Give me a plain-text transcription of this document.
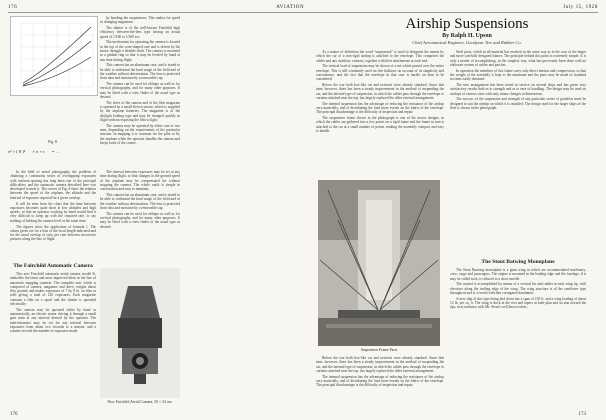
176	AVIATION	July 15, 1928

by bending the suspensions. This makes for speed in changing magazines.

The shutter is of the well-known Fairchild high efficiency between-the-lens type having an actual speed of 1/100 to 1/300 sec.

The mechanism for operating the camera is located in the top of the cone-shaped case and is driven by the motor through a flexible shaft. The camera is mounted in a gimbal ring so that it may be leveled by hand at any time during flight.

This camera has an aluminum case, and is stated to be able to withstand the hard usage of the field and of the weather without deterioration. The lens is protected from dust and moisture by a removable cap.

The camera can be used for oblique as well as for vertical photography, and for many other purposes. It may be fitted with a view finder of the usual type as desired.

The drive of the camera and of the film magazine is operated by a small electric motor, which is supplied by the airplane batteries. The magazine is of the daylight loading type and may be changed quickly in flight without exposing the film to light.

The camera may be operated by either one or two men, depending on the requirements of the particular mission. In mapping it is common for the pilot to fly the airplane while the operator handles the camera and keeps track of the course.

Fig. 8.
π² × ( 8 )² × π × r = …

In the field of aerial photography the problem of obtaining a continuous series of overlapping exposures with uniform spacing has long been one of the principal difficulties, and the automatic camera described here was developed to meet it. The curves of Fig. 8 show the relation between the speed of the airplane, the altitude and the interval of exposure required for a given overlap.

It will be seen from the chart that the time between exposures becomes quite short at low altitudes and high speeds, so that an operator working by hand would find it very difficult to keep up with the required rate, to say nothing of holding the camera level at the same time.

The figures show the application of formula 1. The values given are for a lens of the focal length indicated and for the usual overlap of sixty per cent between successive pictures along the line of flight.

The interval between exposures may be set at any time during flight, so that changes in the ground speed of the airplane may be compensated for without stopping the camera. The whole outfit is simple in construction and easy to maintain.

This camera has an aluminum case, and is stated to be able to withstand the hard usage of the field and of the weather without deterioration. The lens is protected from dust and moisture by a removable cap.

The camera can be used for oblique as well as for vertical photography, and for many other purposes. It may be fitted with a view finder of the usual type as desired.

The Fairchild Automatic Camera

This new Fairchild automatic aerial camera, model K, embodies the latest and most improved ideas in the line of automatic mapping cameras. The complete unit, which is composed of camera, magazine and drive, weighs about fifty pounds and makes exposures of 7 by 9 in. on film in rolls giving a total of 120 exposures. Each magazine contains a film on a spool and the shutter is operated electrically.

The camera may be operated either by hand or automatically, an electric motor driving it through a small gear train at any interval desired by the operator. The intervalometer may be set for any interval between exposures from about two seconds to a minute, and a counter records the number of exposures made.

New Fairchild Aerial Camera, 50 × 24 cm.
176
Airship Suspensions
By Ralph H. Upson
Chief Aeronautical Engineer, Goodyear Tire and Rubber Co.

As a matter of definition the word “suspension” is used to designate the means by which the car of a non-rigid airship is attached to the envelope. This comprises the cables and any auxiliary catenary, together with their attachments at each end.

The vertical load of suspension may be shown of a net which passed over the entire envelope. This is still commonly used on free balloons on account of its simplicity and convenience, and the fact that the envelope in that case is hardly an item to be considered.

Before the war both box-like car and network were already standard. Since that time, however, there has been a steady improvement in the method of suspending the car, and the internal type of suspension, in which the cables pass through the envelope to curtains attached near the top, has largely replaced the older external arrangement.

The internal suspension has the advantage of reducing the resistance of the airship very materially, and of distributing the load more evenly on the fabric of the envelope. The principal disadvantage is the difficulty of inspection and repair.

The suspension frame shown in the photograph is one of the newer designs, in which the cables are gathered into a few points on a rigid frame and the frame in turn is attached to the car at a small number of points, making the assembly compact and easy to handle.

Steel parts, which in all material has resulted in the same way as in the case of the larger and more carefully designed frames. The principle behind this point is extremely simple. It is only a matter of accomplishing, in the simplest way, what has previously been done with an elaborate system of cables and patches.

In operation the members of this frame carry only direct tension and compression, so that the weight of the assembly is kept to the minimum and the parts may be made of standard sections easily obtained.

The new arrangement has been tested in service on several ships and has given very satisfactory results both as to strength and as to ease of handling. The design may be used on airships of various sizes with only minor changes in dimensions.

The success of the suspension and strength of any particular series of gondolas must be designed to suit the airship on which it is installed. The design used for the larger ships of the fleet is shown in the photograph.

Suspension Frame Parts

Before the war both box-like car and network were already standard. Since that time, however, there has been a steady improvement in the method of suspending the car, and the internal type of suspension, in which the cables pass through the envelope to curtains attached near the top, has largely replaced the older external arrangement.

The internal suspension has the advantage of reducing the resistance of the airship very materially, and of distributing the load more evenly on the fabric of the envelope. The principal disadvantage is the difficulty of inspection and repair.

The Stout Batwing Monoplane

The Stout Batwing monoplane is a giant wing in which are accommodated machinery, crew, cargo and passengers. The engine is mounted in the leading edge and the fuselage, if it may be called such, is reduced to a short nacelle.

The control is accomplished by means of a vertical fin and rudder at each wing tip, with elevators along the trailing edge of the wing. The wing structure is of the cantilever type throughout and is covered with thin corrugated duralumin.

A new ship of this type being laid down has a span of 100 ft. and a wing loading of about 12 lb. per sq. ft. The wing is thick at the root and tapers in both plan and section toward the tips, in accordance with Mr. Stout's well known ideas.

173
